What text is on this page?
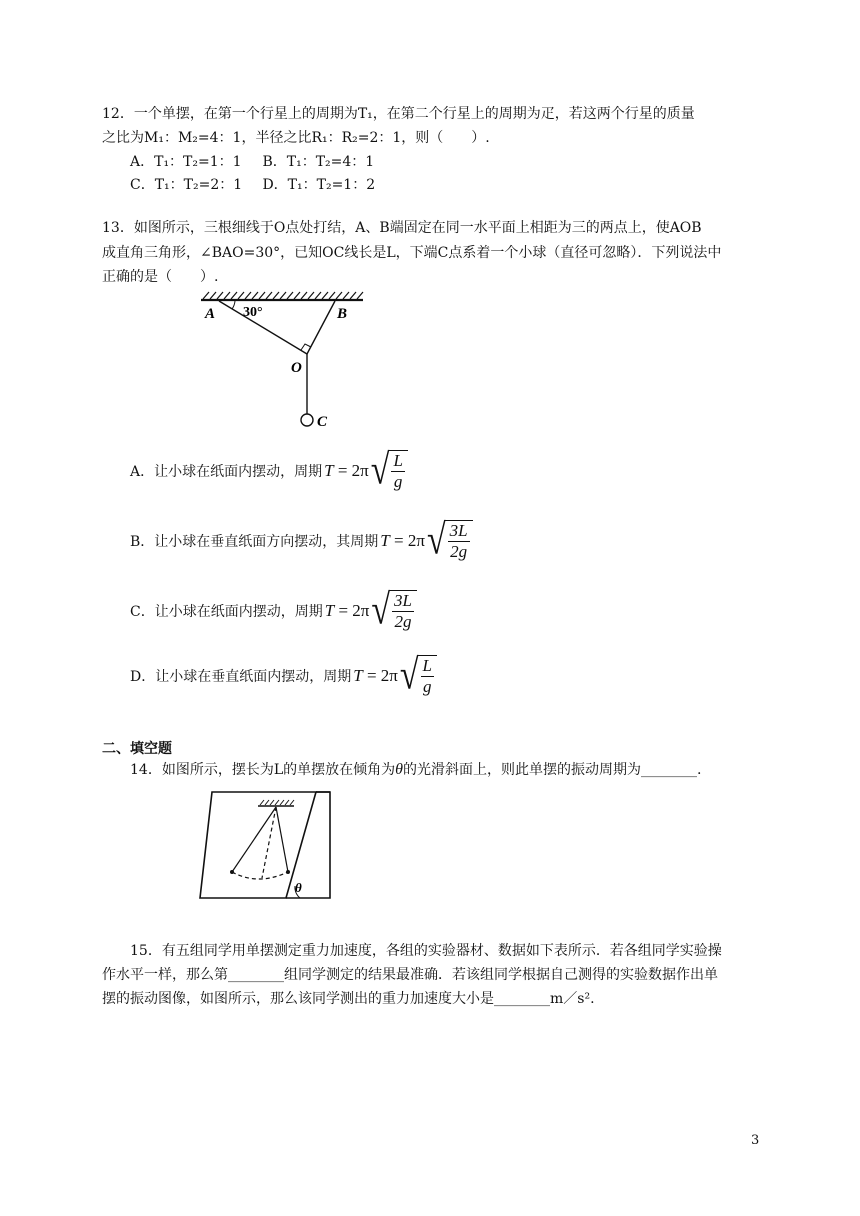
12．一个单摆，在第一个行星上的周期为T₁，在第二个行星上的周期为疋，若这两个行星的质量
之比为M₁：M₂=4：1，半径之比R₁：R₂=2：1，则（　　）.
A．T₁：T₂=1：1 B．T₁：T₂=4：1
C．T₁：T₂=2：1 D．T₁：T₂=1：2
13．如图所示，三根细线于O点处打结，A、B端固定在同一水平面上相距为三的两点上，使AOB
成直角三角形，∠BAO=30°，已知OC线长是L，下端C点系着一个小球（直径可忽略）．下列说法中
正确的是（　　）.
A 30°	B
O
C
A．让小球在纸面内摆动，周期 T
= 2π √ $\frac{L}{g}$
B．让小球在垂直纸面方向摆动，其周期 T
= 2π √ $\frac{3L}{2g}$
C．让小球在纸面内摆动，周期 T
= 2π √ $\frac{3L}{2g}$
D．让小球在垂直纸面内摆动，周期 T
= 2π √ $\frac{L}{g}$
二、填空题
14．如图所示，摆长为L的单摆放在倾角为θ的光滑斜面上，则此单摆的振动周期为________.
θ
15．有五组同学用单摆测定重力加速度，各组的实验器材、数据如下表所示．若各组同学实验操
作水平一样，那么第________组同学测定的结果最准确．若该组同学根据自己测得的实验数据作出单
摆的振动图像，如图所示，那么该同学测出的重力加速度大小是________m／s².
3
